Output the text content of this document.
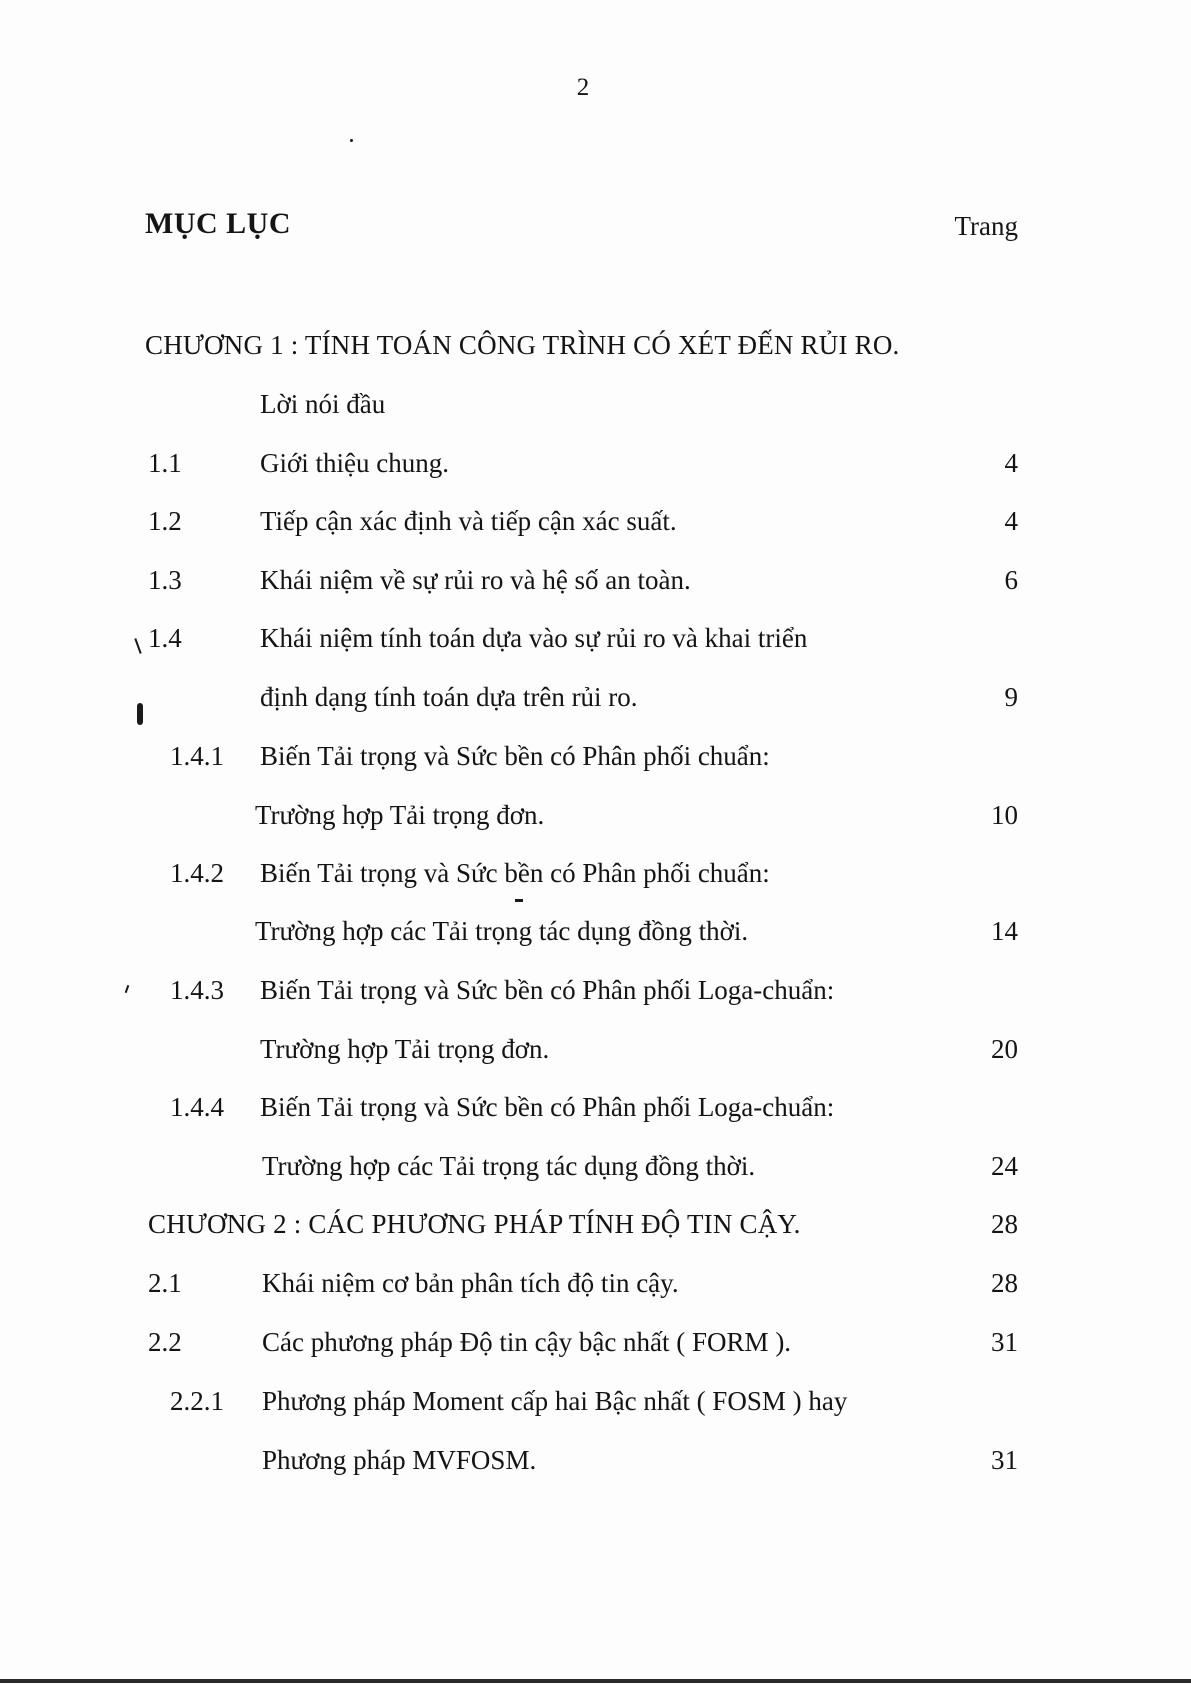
2
MỤC LỤC	Trang
CHƯƠNG 1 : TÍNH TOÁN CÔNG TRÌNH CÓ XÉT ĐẾN RỦI RO.
Lời nói đầu
1.1	Giới thiệu chung.	4
1.2	Tiếp cận xác định và tiếp cận xác suất.	4
1.3	Khái niệm về sự rủi ro và hệ số an toàn.	6
1.4	Khái niệm tính toán dựa vào sự rủi ro và khai triển
định dạng tính toán dựa trên rủi ro.	9
1.4.1 Biến Tải trọng và Sức bền có Phân phối chuẩn:
Trường hợp Tải trọng đơn.	10
1.4.2 Biến Tải trọng và Sức bền có Phân phối chuẩn:
Trường hợp các Tải trọng tác dụng đồng thời.	14
1.4.3 Biến Tải trọng và Sức bền có Phân phối Loga-chuẩn:
Trường hợp Tải trọng đơn.	20
1.4.4 Biến Tải trọng và Sức bền có Phân phối Loga-chuẩn:
Trường hợp các Tải trọng tác dụng đồng thời.	24
CHƯƠNG 2 : CÁC PHƯƠNG PHÁP TÍNH ĐỘ TIN CẬY.	28
2.1	Khái niệm cơ bản phân tích độ tin cậy.	28
2.2	Các phương pháp Độ tin cậy bậc nhất ( FORM ).	31
2.2.1 Phương pháp Moment cấp hai Bậc nhất ( FOSM ) hay
Phương pháp MVFOSM.	31
